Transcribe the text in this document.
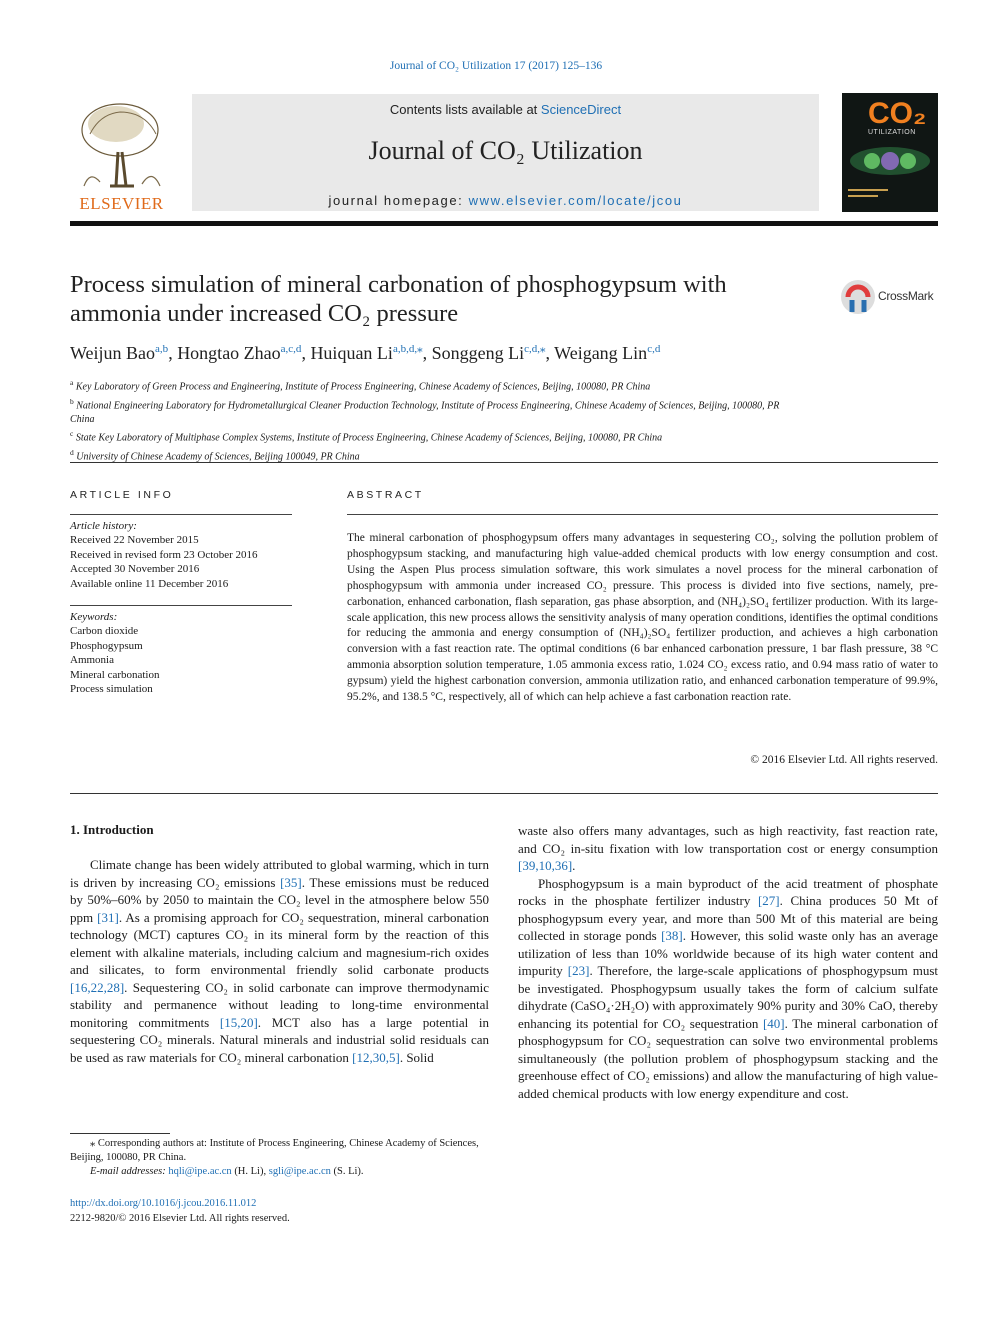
Journal of CO₂ Utilization 17 (2017) 125–136
ELSEVIER
Contents lists available at ScienceDirect
Journal of CO₂ Utilization
journal homepage: www.elsevier.com/locate/jcou
CO₂
UTILIZATION
Process simulation of mineral carbonation of phosphogypsum with ammonia under increased CO₂ pressure
CrossMark
Weijun Bao$^{a,b}$, Hongtao Zhao$^{a,c,d}$, Huiquan $Li^{a,b,d,⁎}$, Songgeng $Li^{c,d,⁎}$, Weigang Lin$^{c,d}$
$^a$ Key Laboratory of Green Process and Engineering, Institute of Process Engineering, Chinese Academy of Sciences, Beijing, 100080, PR China
$^b$ National Engineering Laboratory for Hydrometallurgical Cleaner Production Technology, Institute of Process Engineering, Chinese Academy of Sciences, Beijing, 100080, PR China
$^c$ State Key Laboratory of Multiphase Complex Systems, Institute of Process Engineering, Chinese Academy of Sciences, Beijing, 100080, PR China
$^d$ University of Chinese Academy of Sciences, Beijing 100049, PR China
ARTICLE INFO	ABSTRACT
Article history:
Received 22 November 2015
Received in revised form 23 October 2016
Accepted 30 November 2016
Available online 11 December 2016
Keywords:
Carbon dioxide
Phosphogypsum
Ammonia
Mineral carbonation
Process simulation
The mineral carbonation of phosphogypsum offers many advantages in sequestering CO₂, solving the pollution problem of phosphogypsum stacking, and manufacturing high value-added chemical products with low energy consumption and cost. Using the Aspen Plus process simulation software, this work simulates a novel process for the mineral carbonation of phosphogypsum with ammonia under increased CO₂ pressure. This process is divided into five sections, namely, pre-carbonation, enhanced carbonation, flash separation, gas phase absorption, and (NH₄)₂SO₄ fertilizer production. With its large-scale application, this new process allows the sensitivity analysis of many operation conditions, identifies the optimal conditions for reducing the ammonia and energy consumption of (NH₄)₂SO₄ fertilizer production, and achieves a high carbonation conversion with a fast reaction rate. The optimal conditions (6 bar enhanced carbonation pressure, 1 bar flash pressure, 38 °C ammonia absorption solution temperature, 1.05 ammonia excess ratio, 1.024 CO₂ excess ratio, and 0.94 mass ratio of water to gypsum) yield the highest carbonation conversion, ammonia utilization ratio, and enhanced carbonation temperature of 99.9%, 95.2%, and 138.5 °C, respectively, all of which can help achieve a fast carbonation reaction rate.
© 2016 Elsevier Ltd. All rights reserved.
1. Introduction

Climate change has been widely attributed to global warming, which in turn is driven by increasing CO₂ emissions [35]. These emissions must be reduced by 50%–60% by 2050 to maintain the CO₂ level in the atmosphere below 550 ppm [31]. As a promising approach for CO₂ sequestration, mineral carbonation technology (MCT) captures CO₂ in its mineral form by the reaction of this element with alkaline materials, including calcium and magnesium-rich oxides and silicates, to form environmental friendly solid carbonate products [16,22,28]. Sequestering CO₂ in solid carbonate can improve thermodynamic stability and permanence without leading to long-time environmental monitoring commitments [15,20]. MCT also has a large potential in sequestering CO₂ minerals. Natural minerals and industrial solid residuals can be used as raw materials for CO₂ mineral carbonation [12,30,5]. Solid

waste also offers many advantages, such as high reactivity, fast reaction rate, and CO₂ in-situ fixation with low transportation cost or energy consumption [39,10,36].

Phosphogypsum is a main byproduct of the acid treatment of phosphate rocks in the phosphate fertilizer industry [27]. China produces 50 Mt of phosphogypsum every year, and more than 500 Mt of this material are being collected in storage ponds [38]. However, this solid waste only has an average utilization of less than 10% worldwide because of its high water content and impurity [23]. Therefore, the large-scale applications of phosphogypsum must be investigated. Phosphogypsum usually takes the form of calcium sulfate dihydrate (CaSO₄·2H₂O) with approximately 90% purity and 30% CaO, thereby enhancing its potential for CO₂ sequestration [40]. The mineral carbonation of phosphogypsum for CO₂ sequestration can solve two environmental problems simultaneously (the pollution problem of phosphogypsum stacking and the greenhouse effect of CO₂ emissions) and allow the manufacturing of high value-added chemical products with low energy expenditure and cost.

⁎ Corresponding authors at: Institute of Process Engineering, Chinese Academy of Sciences, Beijing, 100080, PR China.
E-mail addresses: hqli@ipe.ac.cn (H. Li), sgli@ipe.ac.cn (S. Li).
http://dx.doi.org/10.1016/j.jcou.2016.11.012
2212-9820/© 2016 Elsevier Ltd. All rights reserved.
